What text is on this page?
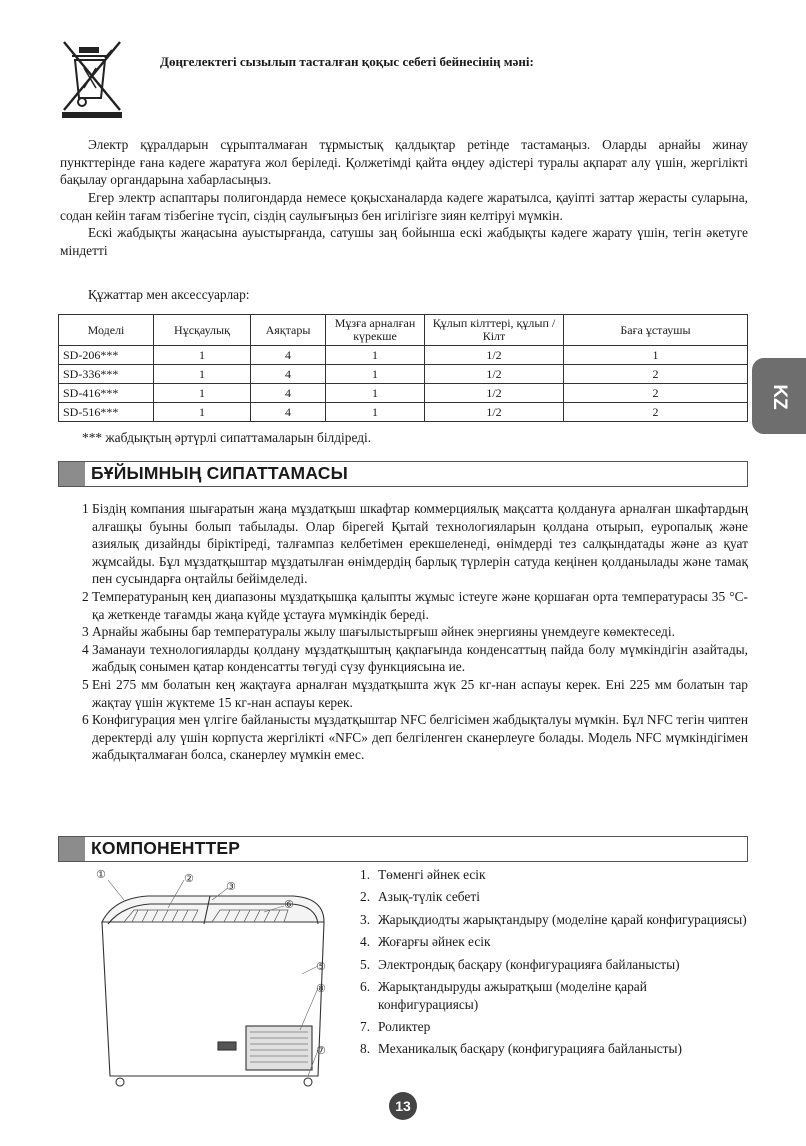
Дөңгелектегі сызылып тасталған қоқыс себеті бейнесінің мәні:
Электр құралдарын сұрыпталмаған тұрмыстық қалдықтар ретінде тастамаңыз. Оларды арнайы жинау пункттерінде ғана кәдеге жаратуға жол беріледі. Қолжетімді қайта өңдеу әдістері туралы ақпарат алу үшін, жергілікті бақылау органдарына хабарласыңыз.
Егер электр аспаптары полигондарда немесе қоқысханаларда кәдеге жаратылса, қауіпті заттар жерасты суларына, содан кейін тағам тізбегіне түсіп, сіздің саулығыңыз бен игілігізге зиян келтіруі мүмкін.
Ескі жабдықты жаңасына ауыстырғанда, сатушы заң бойынша ескі жабдықты кәдеге жарату үшін, тегін әкетуге міндетті
Құжаттар мен аксессуарлар:
Моделі	Нұсқаулық	Аяқтары	Мұзға арналған күрекше	Құлып кілттері, құлып / Кілт	Баға ұстаушы
SD-206***	1	4	1	1/2	1
SD-336***	1	4	1	1/2	2
SD-416***	1	4	1	1/2	2
SD-516***	1	4	1	1/2	2
*** жабдықтың әртүрлі сипаттамаларын білдіреді.
KZ
БҰЙЫМНЫҢ СИПАТТАМАСЫ
1 Біздің компания шығаратын жаңа мұздатқыш шкафтар коммерциялық мақсатта қолдануға арналған шкафтардың алғашқы буыны болып табылады. Олар бірегей Қытай технологияларын қолдана отырып, еуропалық және азиялық дизайнды біріктіреді, талғампаз келбетімен ерекшеленеді, өнімдерді тез салқындатады және аз қуат жұмсайды. Бұл мұздатқыштар мұздатылған өнімдердің барлық түрлерін сатуда кеңінен қолданылады және тамақ пен сусындарға оңтайлы бейімделеді.
2 Температураның кең диапазоны мұздатқышқа қалыпты жұмыс істеуге және қоршаған орта температурасы 35 °С-қа жеткенде тағамды жаңа күйде ұстауға мүмкіндік береді.
3 Арнайы жабыны бар температуралы жылу шағылыстырғыш әйнек энергияны үнемдеуге көмектеседі.
4 Заманауи технологияларды қолдану мұздатқыштың қақпағында конденсаттың пайда болу мүмкіндігін азайтады, жабдық сонымен қатар конденсатты төгуді сүзу функциясына ие.
5 Ені 275 мм болатын кең жақтауға арналған мұздатқышта жүк 25 кг-нан аспауы керек. Ені 225 мм болатын тар жақтау үшін жүктеме 15 кг-нан аспауы керек.
6 Конфигурация мен үлгіге байланысты мұздатқыштар NFC белгісімен жабдықталуы мүмкін. Бұл NFC тегін чиптен деректерді алу үшін корпуста жергілікті «NFC» деп белгіленген сканерлеуге болады. Модель NFC мүмкіндігімен жабдықталмаған болса, сканерлеу мүмкін емес.
КОМПОНЕНТТЕР
①	②
③
⑥
⑤
⑧
⑦
1. Төменгі әйнек есік
2. Азық-түлік себеті
3. Жарықдиодты жарықтандыру (моделіне қарай конфигурациясы)
4. Жоғарғы әйнек есік
5. Электрондық басқару (конфигурацияға байланысты)
6. Жарықтандыруды ажыратқыш (моделіне қарай конфигурациясы)
7. Роликтер
8. Механикалық басқару (конфигурацияға байланысты)
13
